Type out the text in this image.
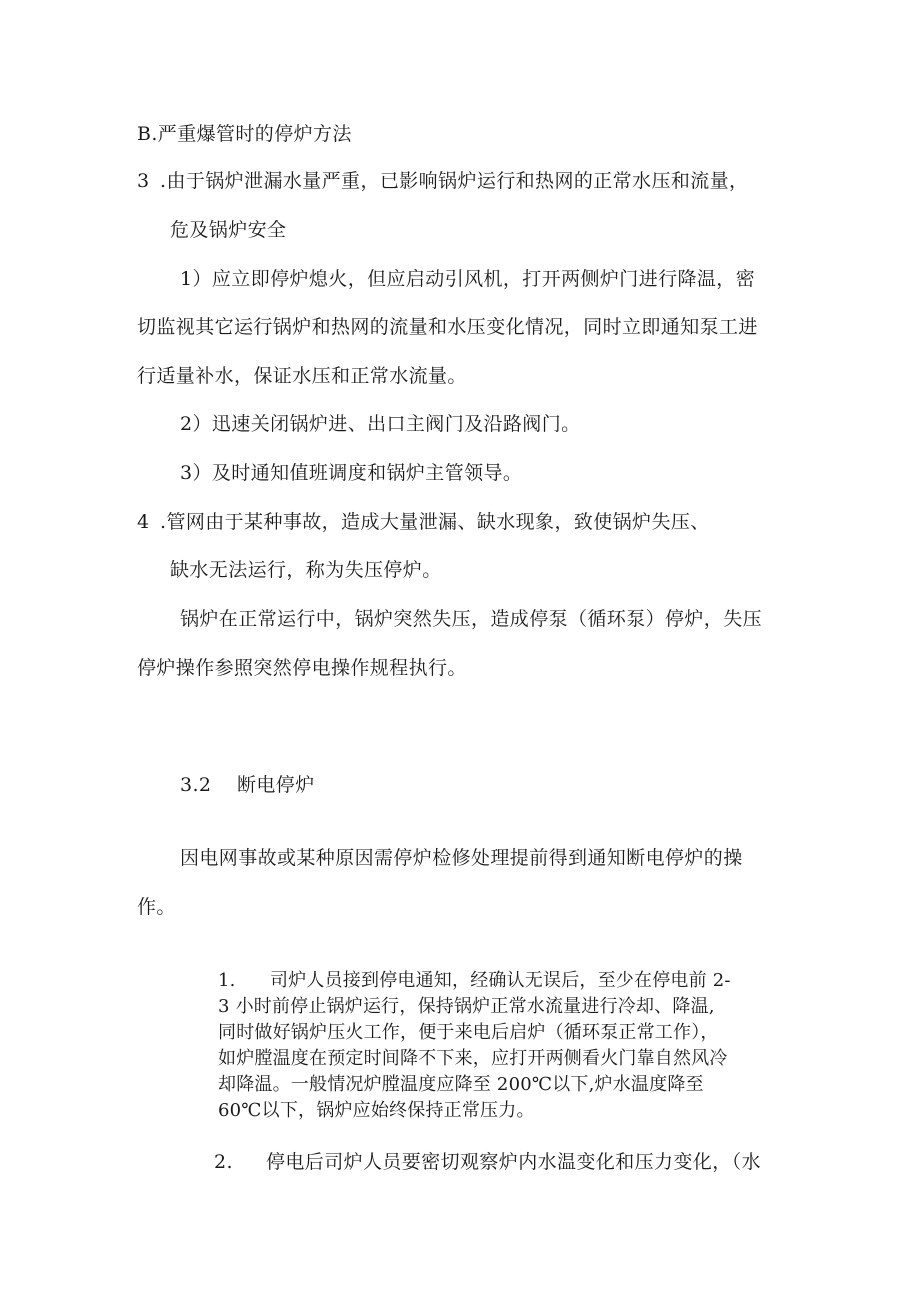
B.严重爆管时的停炉方法
3 .由于锅炉泄漏水量严重，已影响锅炉运行和热网的正常水压和流量，
危及锅炉安全
1）应立即停炉熄火，但应启动引风机，打开两侧炉门进行降温，密
切监视其它运行锅炉和热网的流量和水压变化情况，同时立即通知泵工进
行适量补水，保证水压和正常水流量。
2）迅速关闭锅炉进、出口主阀门及沿路阀门。
3）及时通知值班调度和锅炉主管领导。
4 .管网由于某种事故，造成大量泄漏、缺水现象，致使锅炉失压、
缺水无法运行，称为失压停炉。
锅炉在正常运行中，锅炉突然失压，造成停泵（循环泵）停炉，失压
停炉操作参照突然停电操作规程执行。
3.2 断电停炉
因电网事故或某种原因需停炉检修处理提前得到通知断电停炉的操
作。
1. 司炉人员接到停电通知，经确认无误后，至少在停电前 2-
3 小时前停止锅炉运行，保持锅炉正常水流量进行冷却、降温,
同时做好锅炉压火工作，便于来电后启炉（循环泵正常工作），
如炉膛温度在预定时间降不下来，应打开两侧看火门靠自然风冷
却降温。一般情况炉膛温度应降至 200℃以下,炉水温度降至
60℃以下，锅炉应始终保持正常压力。
2. 停电后司炉人员要密切观察炉内水温变化和压力变化，（水
